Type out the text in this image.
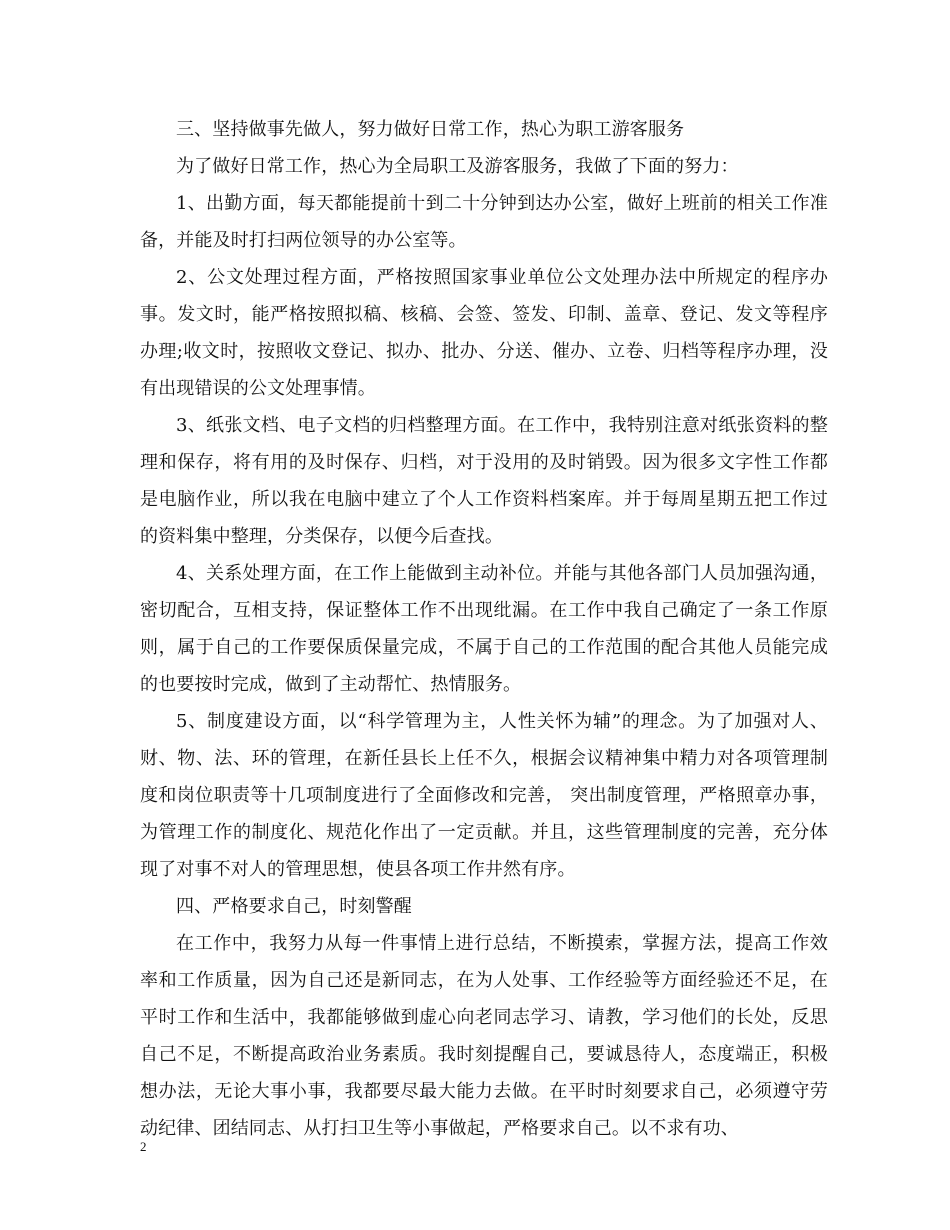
三、坚持做事先做人，努力做好日常工作，热心为职工游客服务

为了做好日常工作，热心为全局职工及游客服务，我做了下面的努力：

1、出勤方面，每天都能提前十到二十分钟到达办公室，做好上班前的相关工作准备，并能及时打扫两位领导的办公室等。

2、公文处理过程方面，严格按照国家事业单位公文处理办法中所规定的程序办事。发文时，能严格按照拟稿、核稿、会签、签发、印制、盖章、登记、发文等程序办理;收文时，按照收文登记、拟办、批办、分送、催办、立卷、归档等程序办理，没有出现错误的公文处理事情。

3、纸张文档、电子文档的归档整理方面。在工作中，我特别注意对纸张资料的整理和保存，将有用的及时保存、归档，对于没用的及时销毁。因为很多文字性工作都是电脑作业，所以我在电脑中建立了个人工作资料档案库。并于每周星期五把工作过的资料集中整理，分类保存，以便今后查找。

4、关系处理方面，在工作上能做到主动补位。并能与其他各部门人员加强沟通，密切配合，互相支持，保证整体工作不出现纰漏。在工作中我自己确定了一条工作原则，属于自己的工作要保质保量完成，不属于自己的工作范围的配合其他人员能完成的也要按时完成，做到了主动帮忙、热情服务。

5、制度建设方面，以“科学管理为主，人性关怀为辅”的理念。为了加强对人、财、物、法、环的管理，在新任县长上任不久，根据会议精神集中精力对各项管理制度和岗位职责等十几项制度进行了全面修改和完善， 突出制度管理，严格照章办事，为管理工作的制度化、规范化作出了一定贡献。并且，这些管理制度的完善，充分体现了对事不对人的管理思想，使县各项工作井然有序。

四、严格要求自己，时刻警醒

在工作中，我努力从每一件事情上进行总结，不断摸索，掌握方法，提高工作效率和工作质量，因为自己还是新同志，在为人处事、工作经验等方面经验还不足，在平时工作和生活中，我都能够做到虚心向老同志学习、请教，学习他们的长处，反思自己不足，不断提高政治业务素质。我时刻提醒自己，要诚恳待人，态度端正，积极想办法，无论大事小事，我都要尽最大能力去做。在平时时刻要求自己，必须遵守劳动纪律、团结同志、从打扫卫生等小事做起，严格要求自己。以不求有功、

2
